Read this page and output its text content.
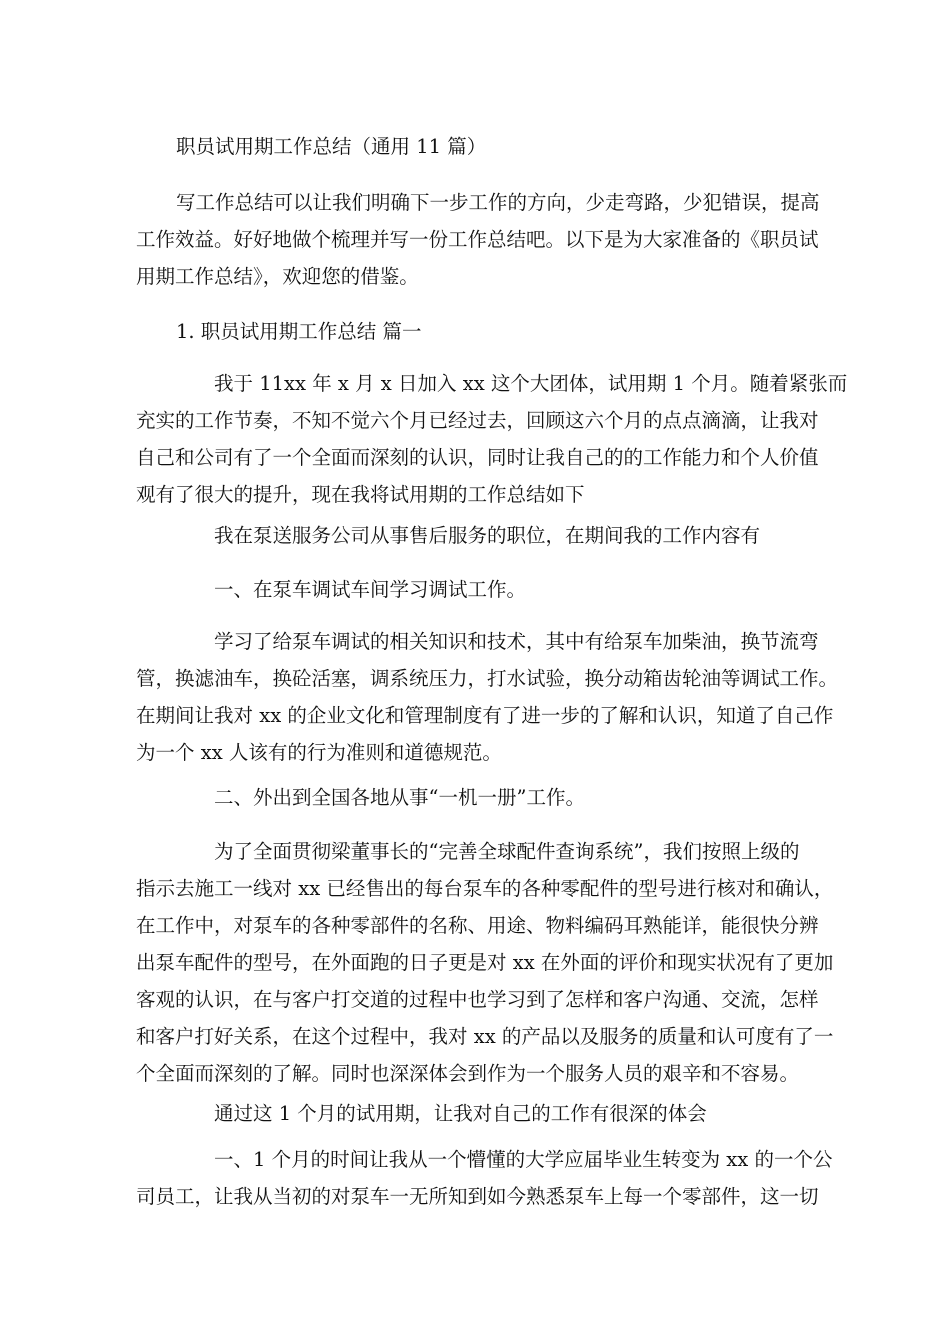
职员试用期工作总结（通用 11 篇）

写工作总结可以让我们明确下一步工作的方向，少走弯路，少犯错误，提高
工作效益。好好地做个梳理并写一份工作总结吧。以下是为大家准备的《职员试
用期工作总结》，欢迎您的借鉴。

1. 职员试用期工作总结 篇一

我于 11xx 年 x 月 x 日加入 xx 这个大团体，试用期 1 个月。随着紧张而
充实的工作节奏，不知不觉六个月已经过去，回顾这六个月的点点滴滴，让我对
自己和公司有了一个全面而深刻的认识，同时让我自己的的工作能力和个人价值
观有了很大的提升，现在我将试用期的工作总结如下

我在泵送服务公司从事售后服务的职位，在期间我的工作内容有

一、在泵车调试车间学习调试工作。

学习了给泵车调试的相关知识和技术，其中有给泵车加柴油，换节流弯
管，换滤油车，换砼活塞，调系统压力，打水试验，换分动箱齿轮油等调试工作。
在期间让我对 xx 的企业文化和管理制度有了进一步的了解和认识，知道了自己作
为一个 xx 人该有的行为准则和道德规范。

二、外出到全国各地从事“一机一册”工作。

为了全面贯彻梁董事长的“完善全球配件查询系统”，我们按照上级的
指示去施工一线对 xx 已经售出的每台泵车的各种零配件的型号进行核对和确认，
在工作中，对泵车的各种零部件的名称、用途、物料编码耳熟能详，能很快分辨
出泵车配件的型号，在外面跑的日子更是对 xx 在外面的评价和现实状况有了更加
客观的认识，在与客户打交道的过程中也学习到了怎样和客户沟通、交流，怎样
和客户打好关系，在这个过程中，我对 xx 的产品以及服务的质量和认可度有了一
个全面而深刻的了解。同时也深深体会到作为一个服务人员的艰辛和不容易。

通过这 1 个月的试用期，让我对自己的工作有很深的体会

一、1 个月的时间让我从一个懵懂的大学应届毕业生转变为 xx 的一个公
司员工，让我从当初的对泵车一无所知到如今熟悉泵车上每一个零部件，这一切
